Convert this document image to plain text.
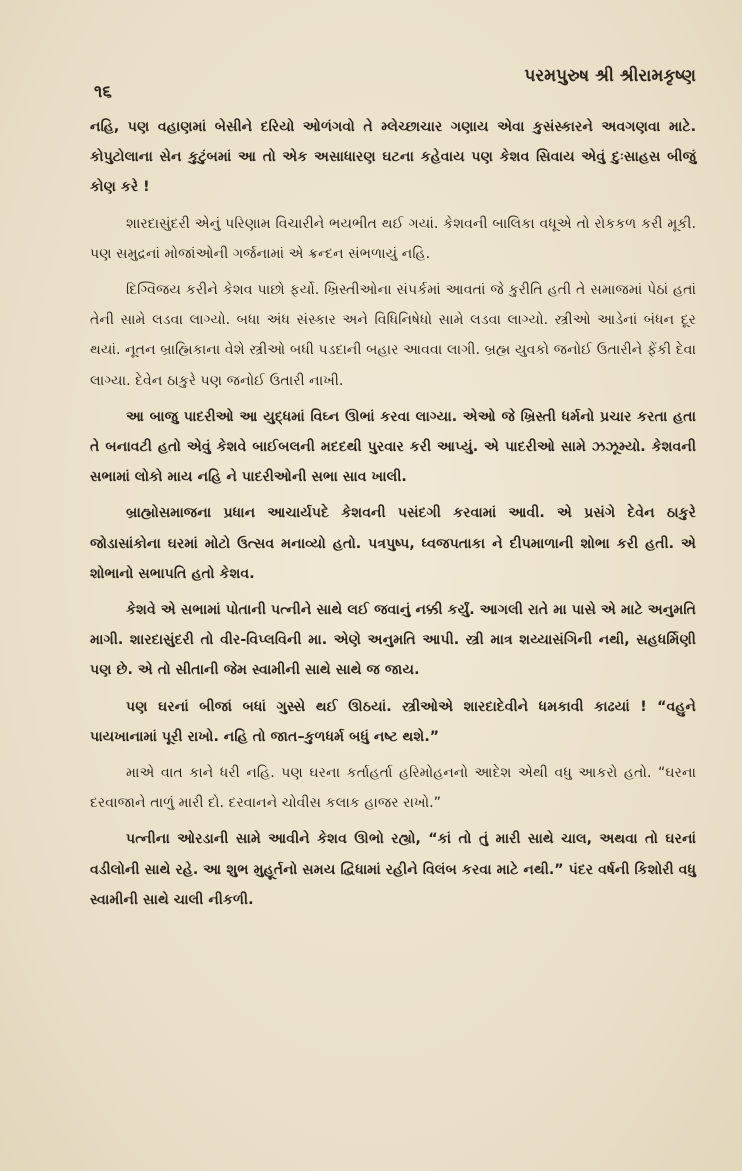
૧૬
પરમપુરુષ શ્રી શ્રીરામકૃષ્ણ

નહિ, પણ વહાણમાં બેસીને દરિયો ઓળંગવો તે મ્લેચ્છાચાર ગણાય એવા કુસંસ્કારને અવગણવા માટે. કોપુટોલાના સેન કુટુંબમાં આ તો એક અસાધારણ ઘટના કહેવાય પણ કેશવ સિવાય એવું દુઃસાહસ બીજું કોણ કરે !

શારદાસુંદરી એનું પરિણામ વિચારીને ભયભીત થઈ ગયાં. કેશવની બાલિકા વધૂએ તો રોકકળ કરી મૂકી. પણ સમુદ્રનાં મોજાંઓની ગર્જનામાં એ ક્રન્દન સંભળાયું નહિ.

દિગ્વિજય કરીને કેશવ પાછો ફર્યો. ખ્રિસ્તીઓના સંપર્કમાં આવતાં જે કુરીતિ હતી તે સમાજમાં પેઠાં હતાં તેની સામે લડવા લાગ્યો. બધા અંધ સંસ્કાર અને વિધિનિષેધો સામે લડવા લાગ્યો. સ્ત્રીઓ આડેનાં બંધન દૂર થયાં. નૂતન બ્રાહ્મિકાના વેશે સ્ત્રીઓ બધી પડદાની બહાર આવવા લાગી. બ્રહ્મ યુવકો જનોઈ ઉતારીને ફેંકી દેવા લાગ્યા. દેવેન ઠાકુરે પણ જનોઈ ઉતારી નાખી.

આ બાજુ પાદરીઓ આ યુદ્ધમાં વિઘ્ન ઊભાં કરવા લાગ્યા. એઓ જે ખ્રિસ્તી ધર્મનો પ્રચાર કરતા હતા તે બનાવટી હતો એવું કેશવે બાઈબલની મદદથી પુરવાર કરી આપ્યું. એ પાદરીઓ સામે ઝઝૂમ્યો. કેશવની સભામાં લોકો માય નહિ ને પાદરીઓની સભા સાવ ખાલી.

બ્રાહ્મોસમાજના પ્રધાન આચાર્યપદે કેશવની પસંદગી કરવામાં આવી. એ પ્રસંગે દેવેન ઠાકુરે જોડાસાંકોના ઘરમાં મોટો ઉત્સવ મનાવ્યો હતો. પત્રપુષ્પ, ધ્વજપતાકા ને દીપમાળાની શોભા કરી હતી. એ શોભાનો સભાપતિ હતો કેશવ.

કેશવે એ સભામાં પોતાની પત્નીને સાથે લઈ જવાનું નક્કી કર્યું. આગલી રાતે મા પાસે એ માટે અનુમતિ માગી. શારદાસુંદરી તો વીર-વિપ્લવિની મા. એણે અનુમતિ આપી. સ્ત્રી માત્ર શય્યાસંગિની નથી, સહધર્મિણી પણ છે. એ તો સીતાની જેમ સ્વામીની સાથે સાથે જ જાય.

પણ ઘરનાં બીજાં બધાં ગુસ્સે થઈ ઊઠયાં. સ્ત્રીઓએ શારદાદેવીને ધમકાવી કાઢયાં ! “વહુને પાયખાનામાં પૂરી રાખો. નહિ તો જાત–કુળધર્મ બધું નષ્ટ થશે.”

માએ વાત કાને ધરી નહિ. પણ ઘરના કર્તાહર્તા હરિમોહનનો આદેશ એથી વધુ આકરો હતો. “ઘરના દરવાજાને તાળું મારી દો. દરવાનને ચોવીસ કલાક હાજર રાખો.”

પત્નીના ઓરડાની સામે આવીને કેશવ ઊભો રહ્યો, “કાં તો તું મારી સાથે ચાલ, અથવા તો ઘરનાં વડીલોની સાથે રહે. આ શુભ મુહૂર્તનો સમય દ્વિધામાં રહીને વિલંબ કરવા માટે નથી.” પંદર વર્ષની કિશોરી વધુ સ્વામીની સાથે ચાલી નીકળી.
